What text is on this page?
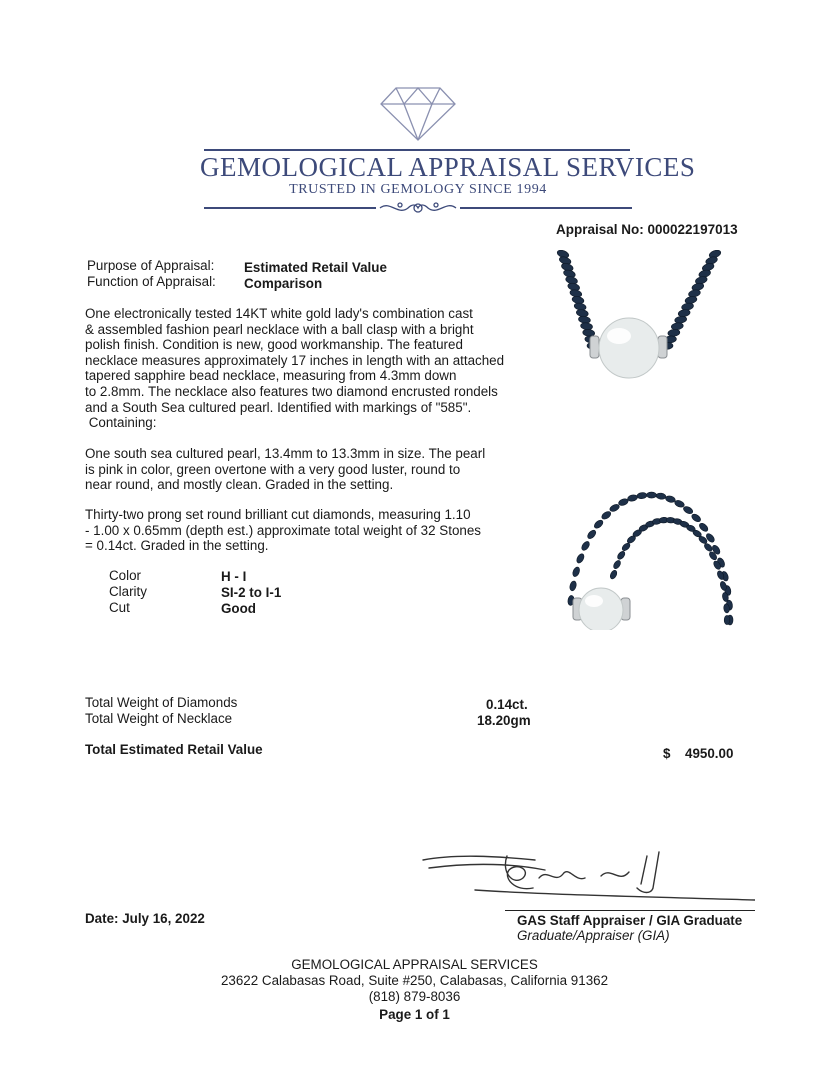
GEMOLOGICAL APPRAISAL SERVICES
TRUSTED IN GEMOLOGY SINCE 1994
Appraisal No: 000022197013
Purpose of Appraisal: Estimated Retail Value
Function of Appraisal: Comparison
One electronically tested 14KT white gold lady's combination cast
& assembled fashion pearl necklace with a ball clasp with a bright
polish finish. Condition is new, good workmanship. The featured
necklace measures approximately 17 inches in length with an attached
tapered sapphire bead necklace, measuring from 4.3mm down
to 2.8mm. The necklace also features two diamond encrusted rondels
and a South Sea cultured pearl. Identified with markings of "585".
Containing:
One south sea cultured pearl, 13.4mm to 13.3mm in size. The pearl
is pink in color, green overtone with a very good luster, round to
near round, and mostly clean. Graded in the setting.
Thirty-two prong set round brilliant cut diamonds, measuring 1.10
- 1.00 x 0.65mm (depth est.) approximate total weight of 32 Stones
= 0.14ct. Graded in the setting.
Color	H - I
Clarity	SI-2 to I-1
Cut	Good
Total Weight of Diamonds	0.14ct.
Total Weight of Necklace	18.20gm
Total Estimated Retail Value	$ 4950.00
Date: July 16, 2022	GAS Staff Appraiser / GIA Graduate
Graduate/Appraiser (GIA)
GEMOLOGICAL APPRAISAL SERVICES
23622 Calabasas Road, Suite #250, Calabasas, California 91362
(818) 879-8036
Page 1 of 1
